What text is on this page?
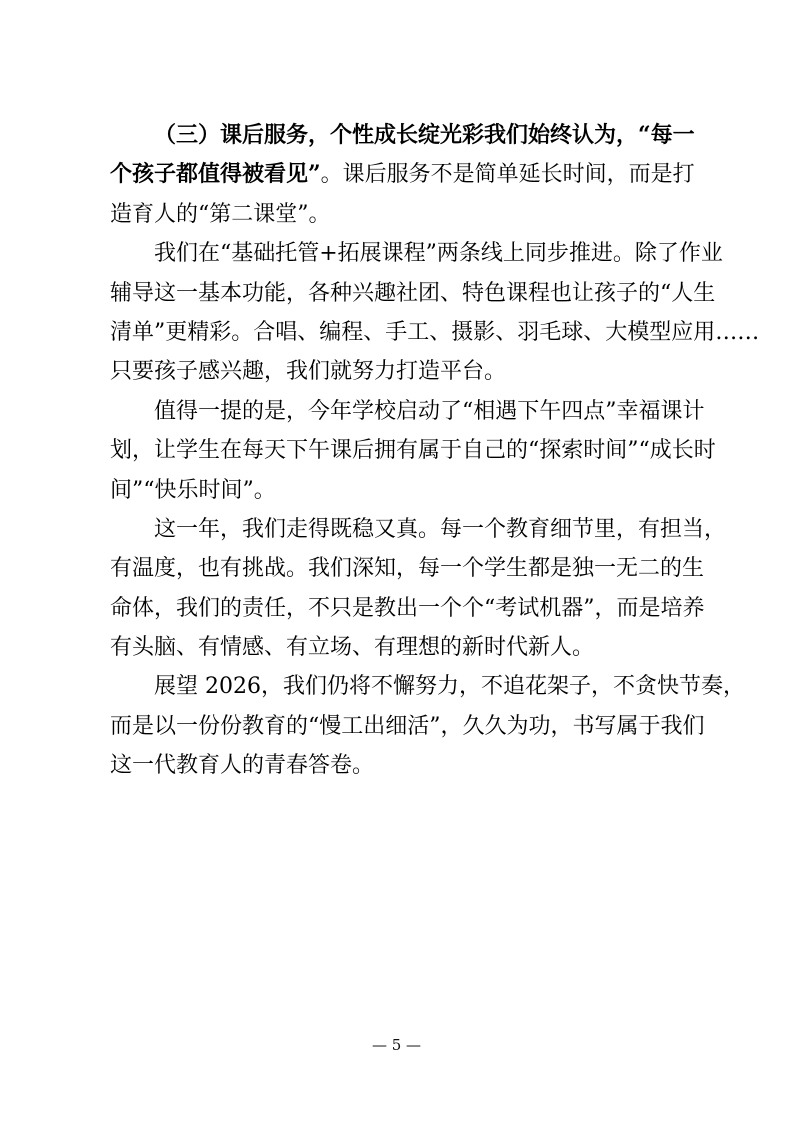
（三）课后服务，个性成长绽光彩我们始终认为，“每一
个孩子都值得被看见”。课后服务不是简单延长时间，而是打
造育人的“第二课堂”。
我们在“基础托管+拓展课程”两条线上同步推进。除了作业
辅导这一基本功能，各种兴趣社团、特色课程也让孩子的“人生
清单”更精彩。合唱、编程、手工、摄影、羽毛球、大模型应用……
只要孩子感兴趣，我们就努力打造平台。
值得一提的是，今年学校启动了“相遇下午四点”幸福课计
划，让学生在每天下午课后拥有属于自己的“探索时间”“成长时
间”“快乐时间”。
这一年，我们走得既稳又真。每一个教育细节里，有担当，
有温度，也有挑战。我们深知，每一个学生都是独一无二的生
命体，我们的责任，不只是教出一个个“考试机器”，而是培养
有头脑、有情感、有立场、有理想的新时代新人。
展望 2026，我们仍将不懈努力，不追花架子，不贪快节奏，
而是以一份份教育的“慢工出细活”，久久为功，书写属于我们
这一代教育人的青春答卷。
— 5 —
